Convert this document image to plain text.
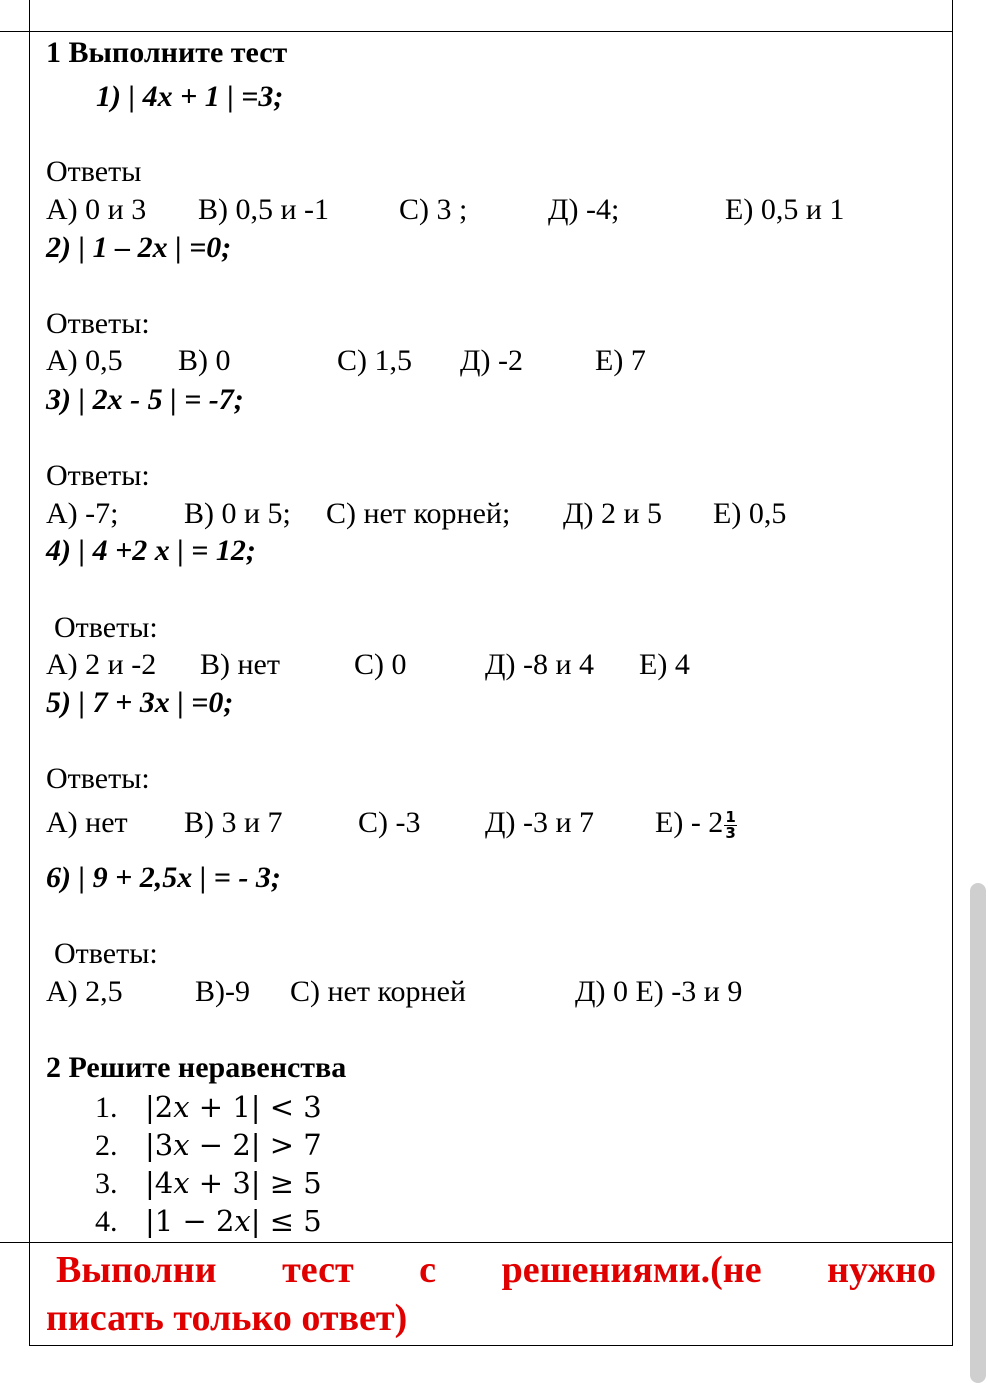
1 Выполните тест
1) | 4x + 1 | =3;
Ответы
А) 0 и 3 В) 0,5 и -1 С) 3 ;	Д) -4;	Е) 0,5 и 1
2) | 1 – 2x | =0;
Ответы:
А) 0,5 В) 0	С) 1,5 Д) -2 Е) 7
3) | 2x - 5 | = -7;
Ответы:
А) -7; В) 0 и 5; С) нет корней; Д) 2 и 5 Е) 0,5
4) | 4 +2 x | = 12;
Ответы:
А) 2 и -2 В) нет С) 0	Д) -8 и 4 Е) 4
5) | 7 + 3x | =0;
Ответы:
А) нет В) 3 и 7	С) -3 Д) -3 и 7 $Е) - 2 \frac{1}{3}$
6) | 9 + 2,5x | = - 3;
Ответы:
А) 2,5 В)-9 С) нет корней	Д) 0 Е) -3 и 9
2 Решите неравенства
1. |2x + 1| < 3
2. |3x − 2| > 7
3. |4x + 3| ≥ 5
4. |1 − 2x| ≤ 5
Выполни тест с решениями.(не нужно
писать только ответ)
